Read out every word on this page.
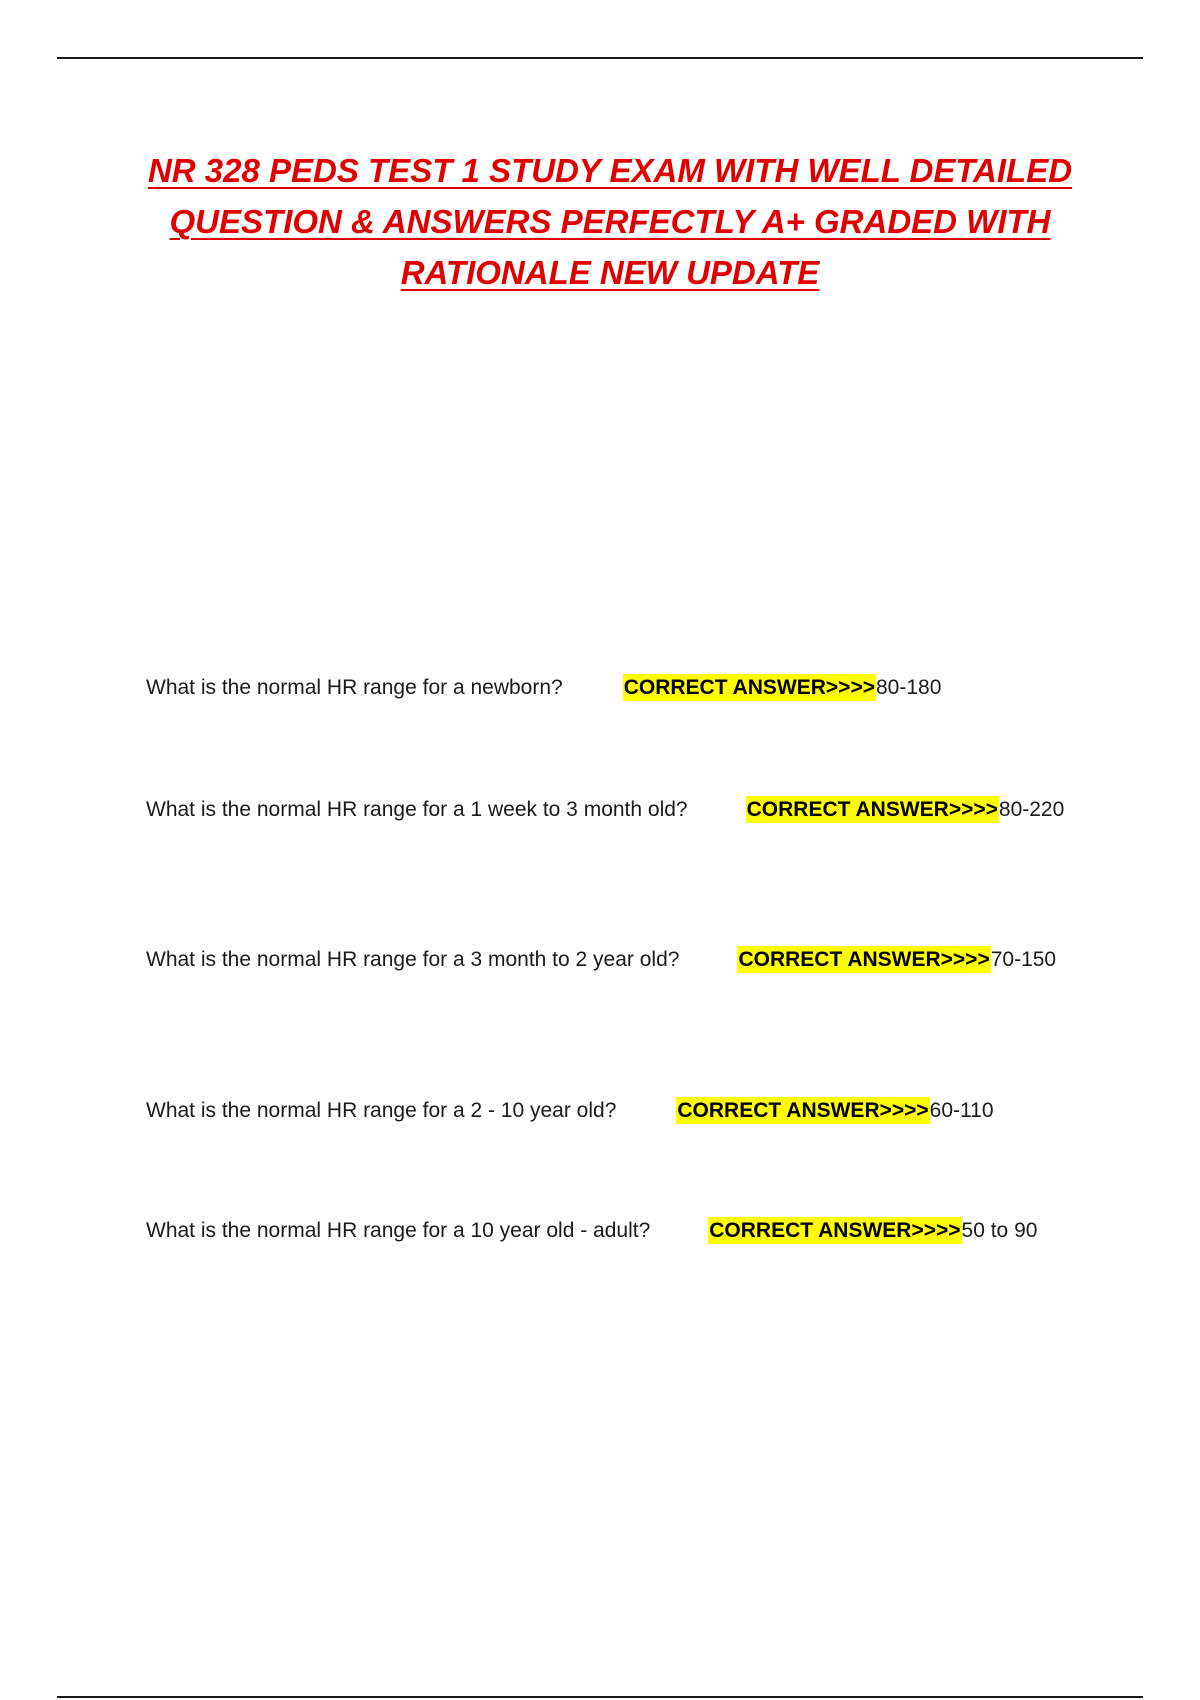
NR 328 PEDS TEST 1 STUDY EXAM WITH WELL DETAILED QUESTION & ANSWERS PERFECTLY A+ GRADED WITH RATIONALE NEW UPDATE
What is the normal HR range for a newborn?	CORRECT ANSWER>>>>80-180
What is the normal HR range for a 1 week to 3 month old?	CORRECT ANSWER>>>>80-220
What is the normal HR range for a 3 month to 2 year old?	CORRECT ANSWER>>>>70-150
What is the normal HR range for a 2 - 10 year old?	CORRECT ANSWER>>>>60-110
What is the normal HR range for a 10 year old - adult?	CORRECT ANSWER>>>>50 to 90
